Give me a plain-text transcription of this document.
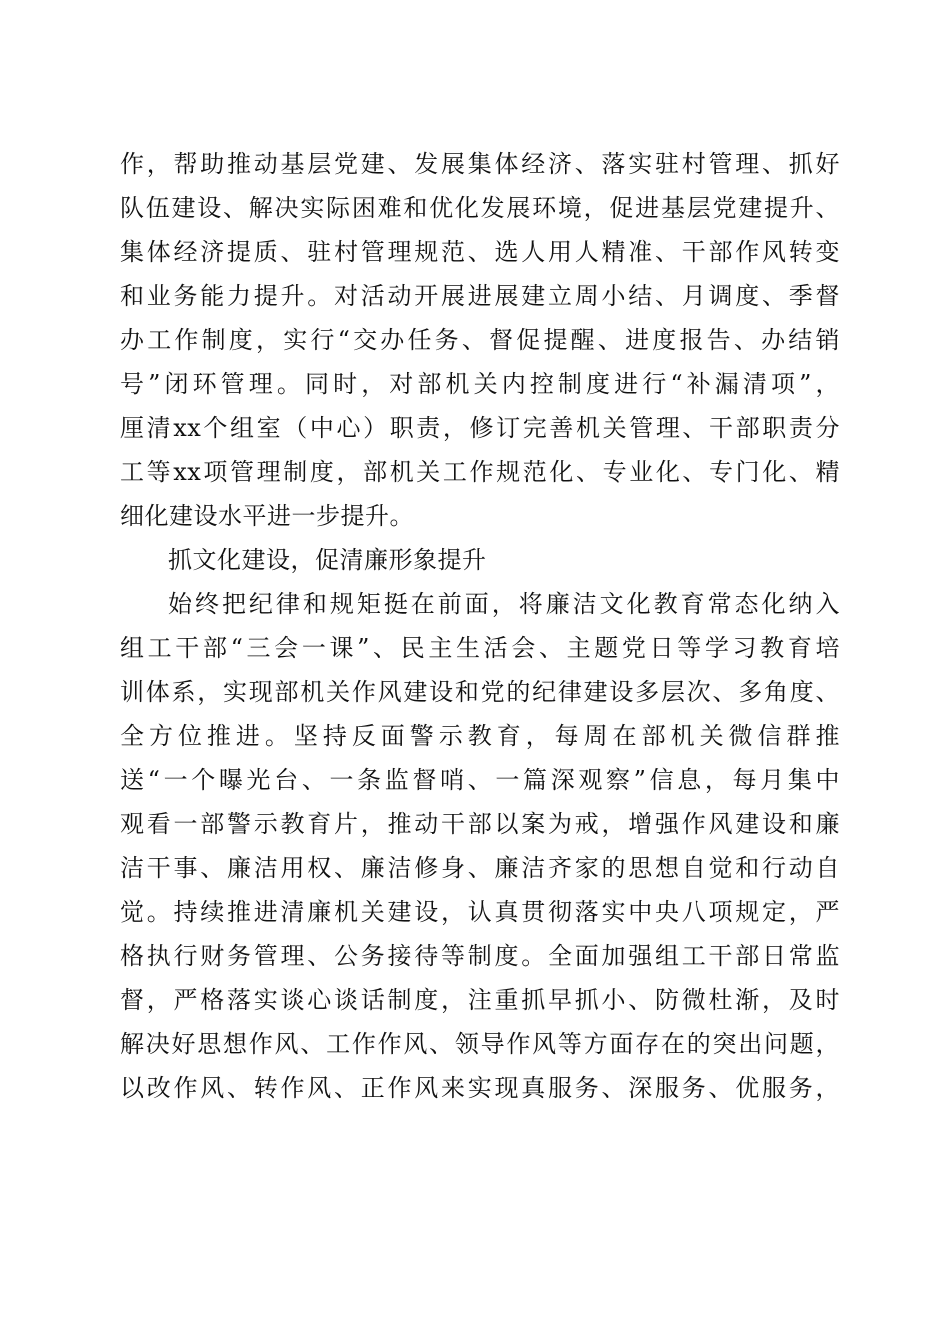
作，帮助推动基层党建、发展集体经济、落实驻村管理、抓好
队伍建设、解决实际困难和优化发展环境，促进基层党建提升、
集体经济提质、驻村管理规范、选人用人精准、干部作风转变
和业务能力提升。对活动开展进展建立周小结、月调度、季督
办工作制度，实行“交办任务、督促提醒、进度报告、办结销
号”闭环管理。同时，对部机关内控制度进行“补漏清项”，
厘清xx个组室（中心）职责，修订完善机关管理、干部职责分
工等xx项管理制度，部机关工作规范化、专业化、专门化、精
细化建设水平进一步提升。
抓文化建设，促清廉形象提升
始终把纪律和规矩挺在前面，将廉洁文化教育常态化纳入
组工干部“三会一课”、民主生活会、主题党日等学习教育培
训体系，实现部机关作风建设和党的纪律建设多层次、多角度、
全方位推进。坚持反面警示教育，每周在部机关微信群推
送“一个曝光台、一条监督哨、一篇深观察”信息，每月集中
观看一部警示教育片，推动干部以案为戒，增强作风建设和廉
洁干事、廉洁用权、廉洁修身、廉洁齐家的思想自觉和行动自
觉。持续推进清廉机关建设，认真贯彻落实中央八项规定，严
格执行财务管理、公务接待等制度。全面加强组工干部日常监
督，严格落实谈心谈话制度，注重抓早抓小、防微杜渐，及时
解决好思想作风、工作作风、领导作风等方面存在的突出问题，
以改作风、转作风、正作风来实现真服务、深服务、优服务，
